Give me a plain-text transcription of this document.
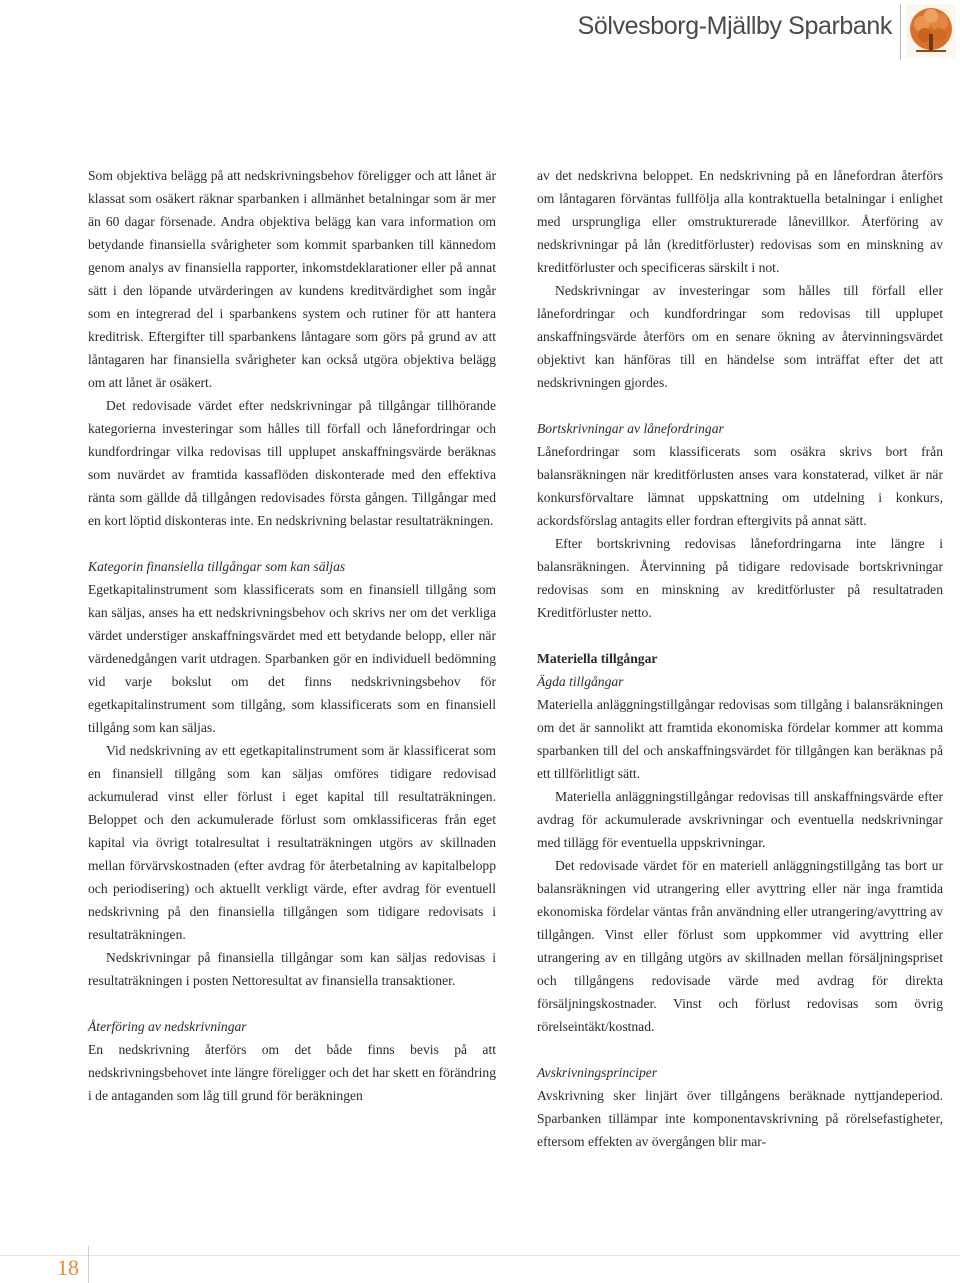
Sölvesborg-Mjällby Sparbank

Som objektiva belägg på att nedskrivningsbehov föreligger och att lånet är klassat som osäkert räknar sparbanken i allmänhet betalningar som är mer än 60 dagar försenade. Andra objektiva belägg kan vara information om betydande finansiella svårigheter som kommit sparbanken till kännedom genom analys av finansiella rapporter, inkomstdeklarationer eller på annat sätt i den löpande utvärderingen av kundens kreditvärdighet som ingår som en integrerad del i sparbankens system och rutiner för att hantera kreditrisk. Eftergifter till sparbankens låntagare som görs på grund av att låntagaren har finansiella svårigheter kan också utgöra objektiva belägg om att lånet är osäkert.

Det redovisade värdet efter nedskrivningar på tillgångar tillhörande kategorierna investeringar som hålles till förfall och lånefordringar och kundfordringar vilka redovisas till upplupet anskaffningsvärde beräknas som nuvärdet av framtida kassaflöden diskonterade med den effektiva ränta som gällde då tillgången redovisades första gången. Tillgångar med en kort löptid diskonteras inte. En nedskrivning belastar resultaträkningen.

Kategorin finansiella tillgångar som kan säljas

Egetkapitalinstrument som klassificerats som en finansiell tillgång som kan säljas, anses ha ett nedskrivningsbehov och skrivs ner om det verkliga värdet understiger anskaffningsvärdet med ett betydande belopp, eller när värdenedgången varit utdragen. Sparbanken gör en individuell bedömning vid varje bokslut om det finns nedskrivningsbehov för egetkapitalinstrument som tillgång, som klassificerats som en finansiell tillgång som kan säljas.

Vid nedskrivning av ett egetkapitalinstrument som är klassificerat som en finansiell tillgång som kan säljas omföres tidigare redovisad ackumulerad vinst eller förlust i eget kapital till resultaträkningen. Beloppet och den ackumulerade förlust som omklassificeras från eget kapital via övrigt totalresultat i resultaträkningen utgörs av skillnaden mellan förvärvskostnaden (efter avdrag för återbetalning av kapitalbelopp och periodisering) och aktuellt verkligt värde, efter avdrag för eventuell nedskrivning på den finansiella tillgången som tidigare redovisats i resultaträkningen.

Nedskrivningar på finansiella tillgångar som kan säljas redovisas i resultaträkningen i posten Nettoresultat av finansiella transaktioner.

Återföring av nedskrivningar

En nedskrivning återförs om det både finns bevis på att nedskrivningsbehovet inte längre föreligger och det har skett en förändring i de antaganden som låg till grund för beräkningen

av det nedskrivna beloppet. En nedskrivning på en lånefordran återförs om låntagaren förväntas fullfölja alla kontraktuella betalningar i enlighet med ursprungliga eller omstrukturerade lånevillkor. Återföring av nedskrivningar på lån (kreditförluster) redovisas som en minskning av kreditförluster och specificeras särskilt i not.

Nedskrivningar av investeringar som hålles till förfall eller lånefordringar och kundfordringar som redovisas till upplupet anskaffningsvärde återförs om en senare ökning av återvinningsvärdet objektivt kan hänföras till en händelse som inträffat efter det att nedskrivningen gjordes.

Bortskrivningar av lånefordringar

Lånefordringar som klassificerats som osäkra skrivs bort från balansräkningen när kreditförlusten anses vara konstaterad, vilket är när konkursförvaltare lämnat uppskattning om utdelning i konkurs, ackordsförslag antagits eller fordran eftergivits på annat sätt.

Efter bortskrivning redovisas lånefordringarna inte längre i balansräkningen. Återvinning på tidigare redovisade bortskrivningar redovisas som en minskning av kreditförluster på resultatraden Kreditförluster netto.

Materiella tillgångar

Ägda tillgångar

Materiella anläggningstillgångar redovisas som tillgång i balansräkningen om det är sannolikt att framtida ekonomiska fördelar kommer att komma sparbanken till del och anskaffningsvärdet för tillgången kan beräknas på ett tillförlitligt sätt.

Materiella anläggningstillgångar redovisas till anskaffningsvärde efter avdrag för ackumulerade avskrivningar och eventuella nedskrivningar med tillägg för eventuella uppskrivningar.

Det redovisade värdet för en materiell anläggningstillgång tas bort ur balansräkningen vid utrangering eller avyttring eller när inga framtida ekonomiska fördelar väntas från användning eller utrangering/avyttring av tillgången. Vinst eller förlust som uppkommer vid avyttring eller utrangering av en tillgång utgörs av skillnaden mellan försäljningspriset och tillgångens redovisade värde med avdrag för direkta försäljningskostnader. Vinst och förlust redovisas som övrig rörelseintäkt/kostnad.

Avskrivningsprinciper

Avskrivning sker linjärt över tillgångens beräknade nyttjandeperiod. Sparbanken tillämpar inte komponentavskrivning på rörelsefastigheter, eftersom effekten av övergången blir mar-

18
